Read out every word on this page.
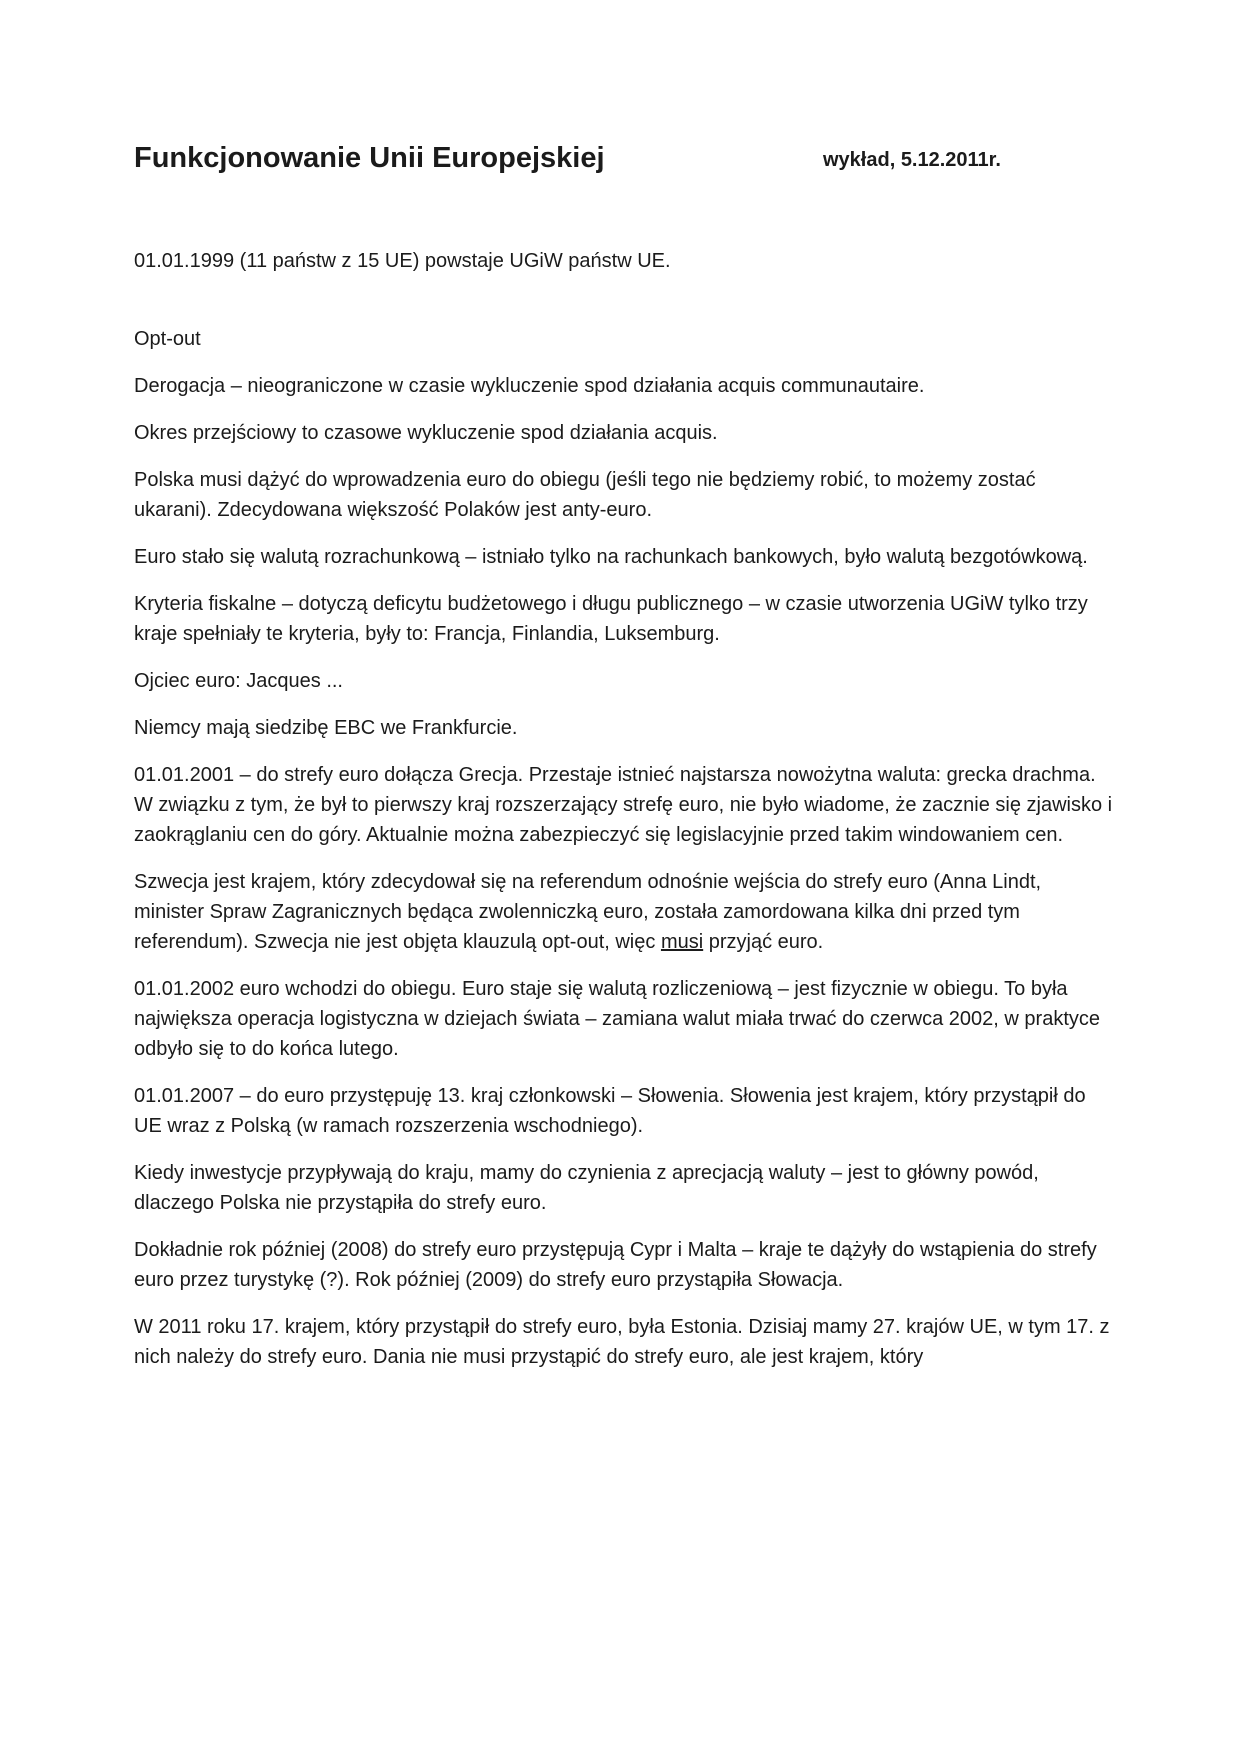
Funkcjonowanie Unii Europejskiej	wykład, 5.12.2011r.

01.01.1999 (11 państw z 15 UE) powstaje UGiW państw UE.

Opt-out

Derogacja – nieograniczone w czasie wykluczenie spod działania acquis communautaire.

Okres przejściowy to czasowe wykluczenie spod działania acquis.

Polska musi dążyć do wprowadzenia euro do obiegu (jeśli tego nie będziemy robić, to możemy zostać ukarani). Zdecydowana większość Polaków jest anty-euro.

Euro stało się walutą rozrachunkową – istniało tylko na rachunkach bankowych, było walutą bezgotówkową.

Kryteria fiskalne – dotyczą deficytu budżetowego i długu publicznego – w czasie utworzenia UGiW tylko trzy kraje spełniały te kryteria, były to: Francja, Finlandia, Luksemburg.

Ojciec euro: Jacques ...

Niemcy mają siedzibę EBC we Frankfurcie.

01.01.2001 – do strefy euro dołącza Grecja. Przestaje istnieć najstarsza nowożytna waluta: grecka drachma. W związku z tym, że był to pierwszy kraj rozszerzający strefę euro, nie było wiadome, że zacznie się zjawisko i zaokrąglaniu cen do góry. Aktualnie można zabezpieczyć się legislacyjnie przed takim windowaniem cen.

Szwecja jest krajem, który zdecydował się na referendum odnośnie wejścia do strefy euro (Anna Lindt, minister Spraw Zagranicznych będąca zwolenniczką euro, została zamordowana kilka dni przed tym referendum). Szwecja nie jest objęta klauzulą opt-out, więc musi przyjąć euro.

01.01.2002 euro wchodzi do obiegu. Euro staje się walutą rozliczeniową – jest fizycznie w obiegu. To była największa operacja logistyczna w dziejach świata – zamiana walut miała trwać do czerwca 2002, w praktyce odbyło się to do końca lutego.

01.01.2007 – do euro przystępuję 13. kraj członkowski – Słowenia. Słowenia jest krajem, który przystąpił do UE wraz z Polską (w ramach rozszerzenia wschodniego).

Kiedy inwestycje przypływają do kraju, mamy do czynienia z aprecjacją waluty – jest to główny powód, dlaczego Polska nie przystąpiła do strefy euro.

Dokładnie rok później (2008) do strefy euro przystępują Cypr i Malta – kraje te dążyły do wstąpienia do strefy euro przez turystykę (?). Rok później (2009) do strefy euro przystąpiła Słowacja.

W 2011 roku 17. krajem, który przystąpił do strefy euro, była Estonia. Dzisiaj mamy 27. krajów UE, w tym 17. z nich należy do strefy euro. Dania nie musi przystąpić do strefy euro, ale jest krajem, który
